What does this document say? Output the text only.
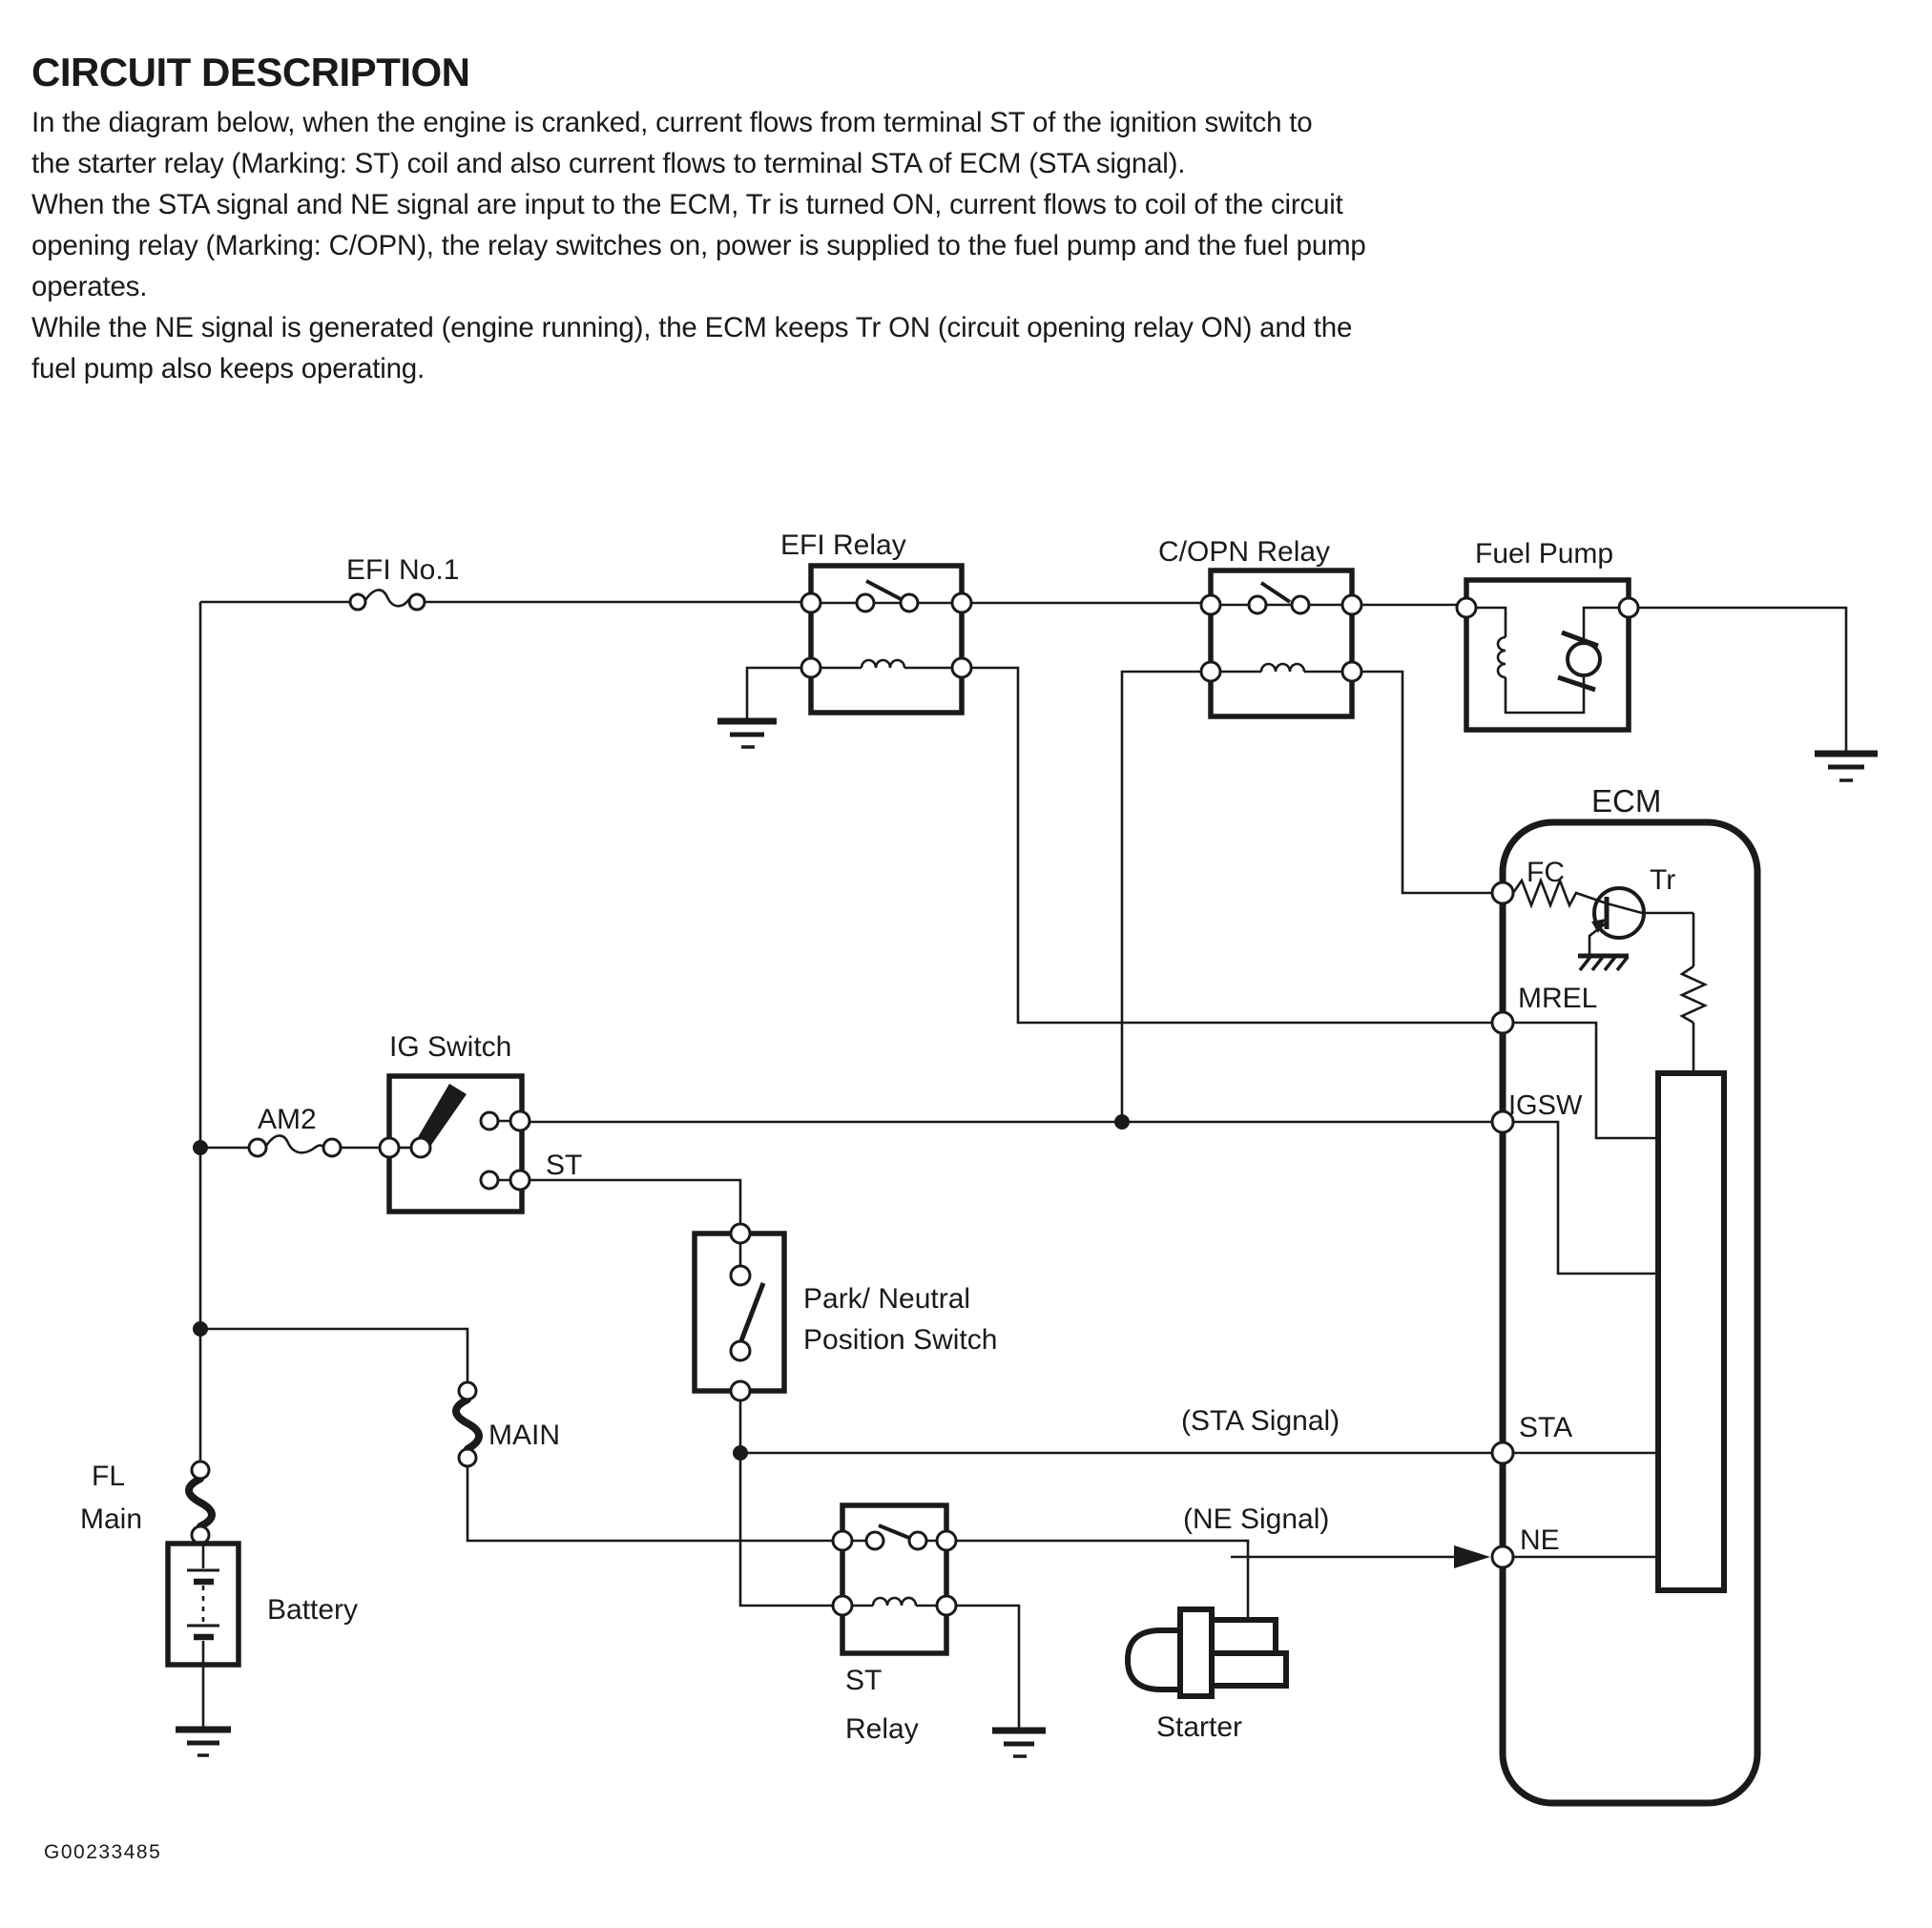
CIRCUIT DESCRIPTION
In the diagram below, when the engine is cranked, current flows from terminal ST of the ignition switch to
the starter relay (Marking: ST) coil and also current flows to terminal STA of ECM (STA signal).
When the STA signal and NE signal are input to the ECM, Tr is turned ON, current flows to coil of the circuit
opening relay (Marking: C/OPN), the relay switches on, power is supplied to the fuel pump and the fuel pump
operates.
While the NE signal is generated (engine running), the ECM keeps Tr ON (circuit opening relay ON) and the
fuel pump also keeps operating.
EFI No.1
EFI Relay	C/OPN Relay	Fuel Pump
ECM
FC	Tr
MREL
IGSW
STA
NE
AM2
IG Switch
ST
Park/ Neutral
Position Switch
(STA Signal)
(NE Signal)
MAIN
FL
Main
Battery
ST
Relay	Starter
G00233485
